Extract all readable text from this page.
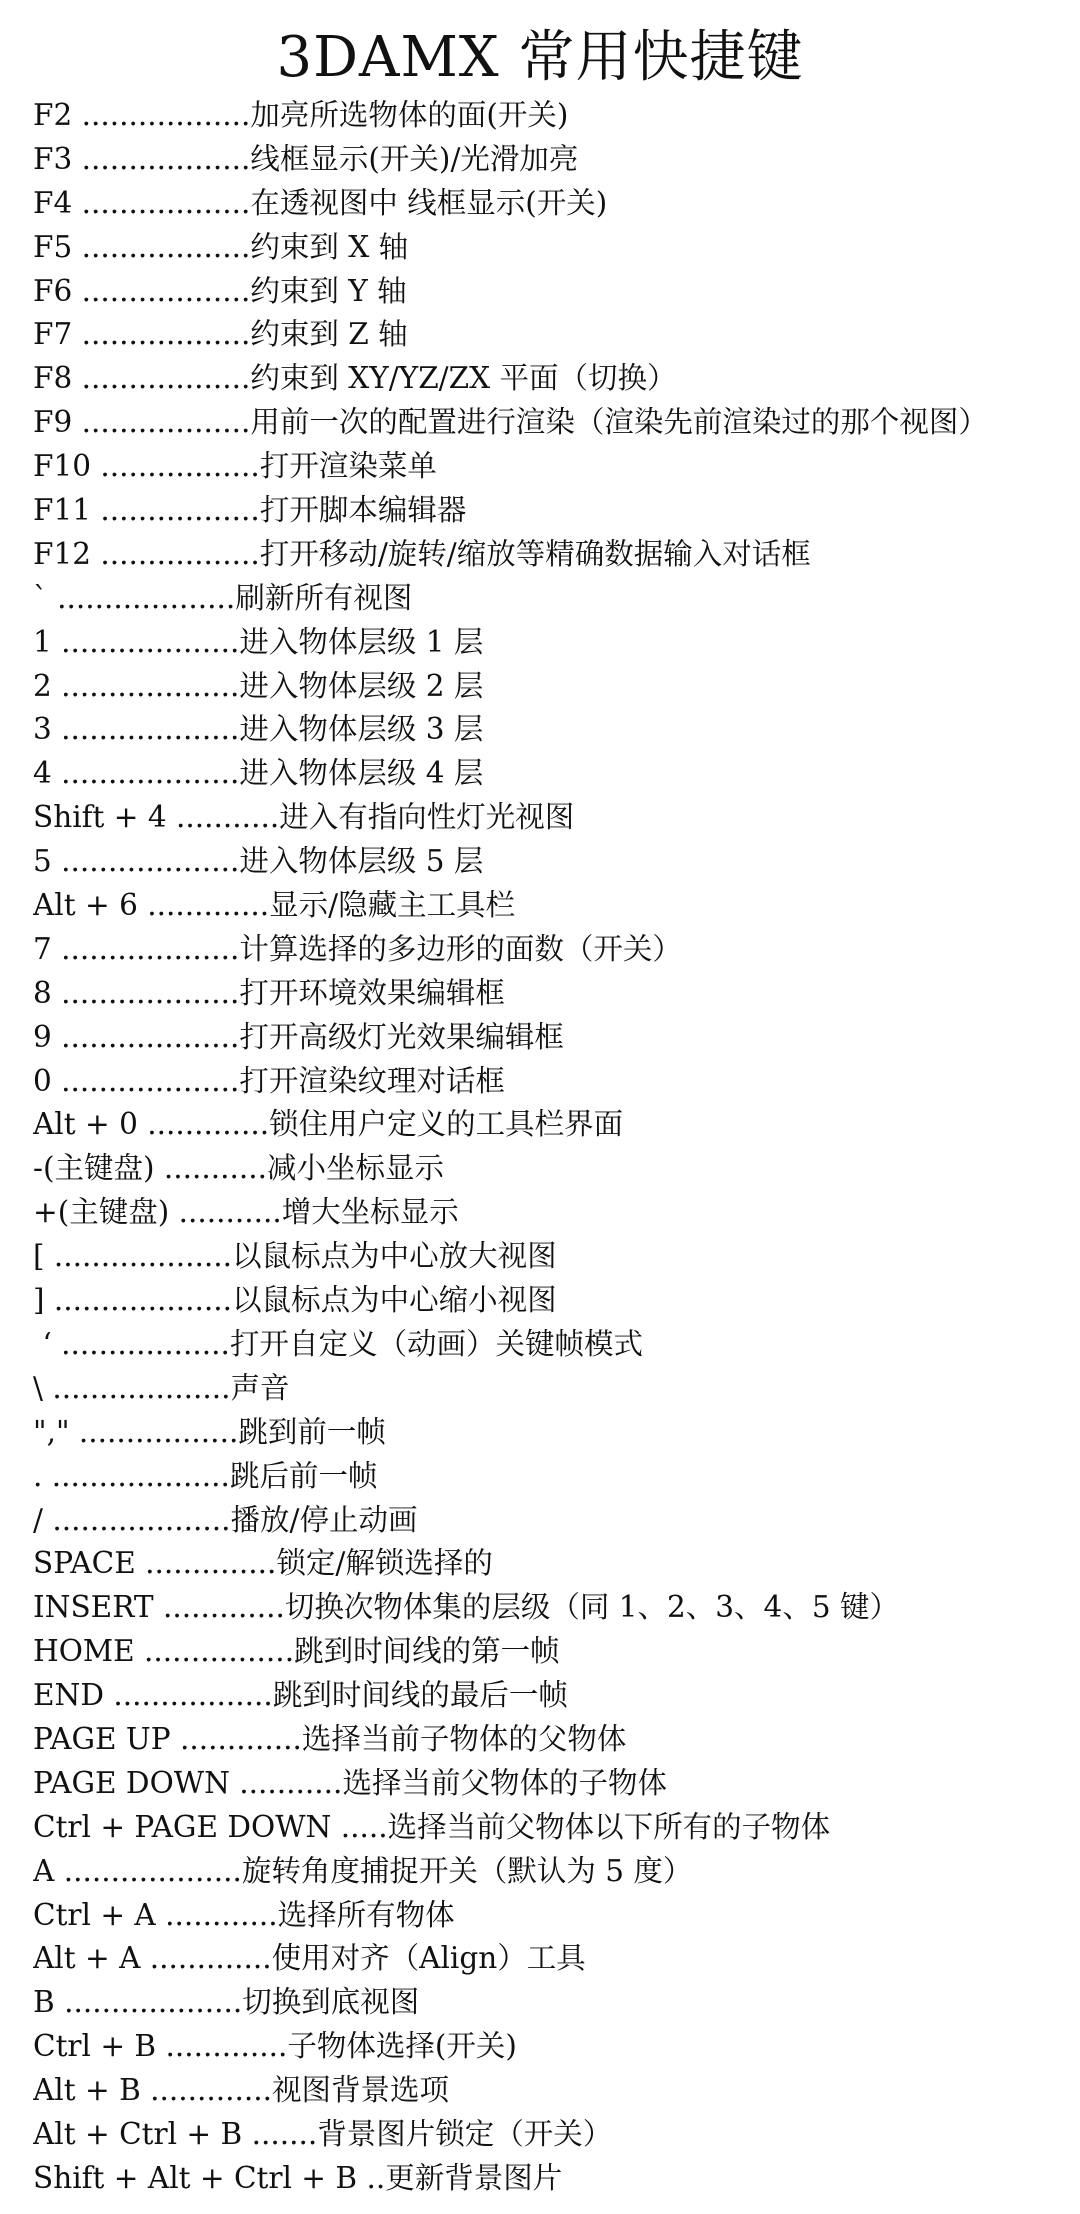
3DAMX 常用快捷键
F2 ..................加亮所选物体的面(开关)
F3 ..................线框显示(开关)/光滑加亮
F4 ..................在透视图中 线框显示(开关)
F5 ..................约束到 X 轴
F6 ..................约束到 Y 轴
F7 ..................约束到 Z 轴
F8 ..................约束到 XY/YZ/ZX 平面（切换）
F9 ..................用前一次的配置进行渲染（渲染先前渲染过的那个视图）
F10 .................打开渲染菜单
F11 .................打开脚本编辑器
F12 .................打开移动/旋转/缩放等精确数据输入对话框
` ...................刷新所有视图
1 ...................进入物体层级 1 层
2 ...................进入物体层级 2 层
3 ...................进入物体层级 3 层
4 ...................进入物体层级 4 层
Shift + 4 ...........进入有指向性灯光视图
5 ...................进入物体层级 5 层
Alt + 6 .............显示/隐藏主工具栏
7 ...................计算选择的多边形的面数（开关）
8 ...................打开环境效果编辑框
9 ...................打开高级灯光效果编辑框
0 ...................打开渲染纹理对话框
Alt + 0 .............锁住用户定义的工具栏界面
-(主键盘) ...........减小坐标显示
+(主键盘) ...........增大坐标显示
[ ...................以鼠标点为中心放大视图
] ...................以鼠标点为中心缩小视图
‘ ..................打开自定义（动画）关键帧模式
\ ...................声音
"," .................跳到前一帧
. ...................跳后前一帧
/ ...................播放/停止动画
SPACE ..............锁定/解锁选择的
INSERT .............切换次物体集的层级（同 1、2、3、4、5 键）
HOME ................跳到时间线的第一帧
END .................跳到时间线的最后一帧
PAGE UP .............选择当前子物体的父物体
PAGE DOWN ...........选择当前父物体的子物体
Ctrl + PAGE DOWN .....选择当前父物体以下所有的子物体
A ...................旋转角度捕捉开关（默认为 5 度）
Ctrl + A ............选择所有物体
Alt + A .............使用对齐（Align）工具
B ...................切换到底视图
Ctrl + B .............子物体选择(开关)
Alt + B .............视图背景选项
Alt + Ctrl + B .......背景图片锁定（开关）
Shift + Alt + Ctrl + B ..更新背景图片
